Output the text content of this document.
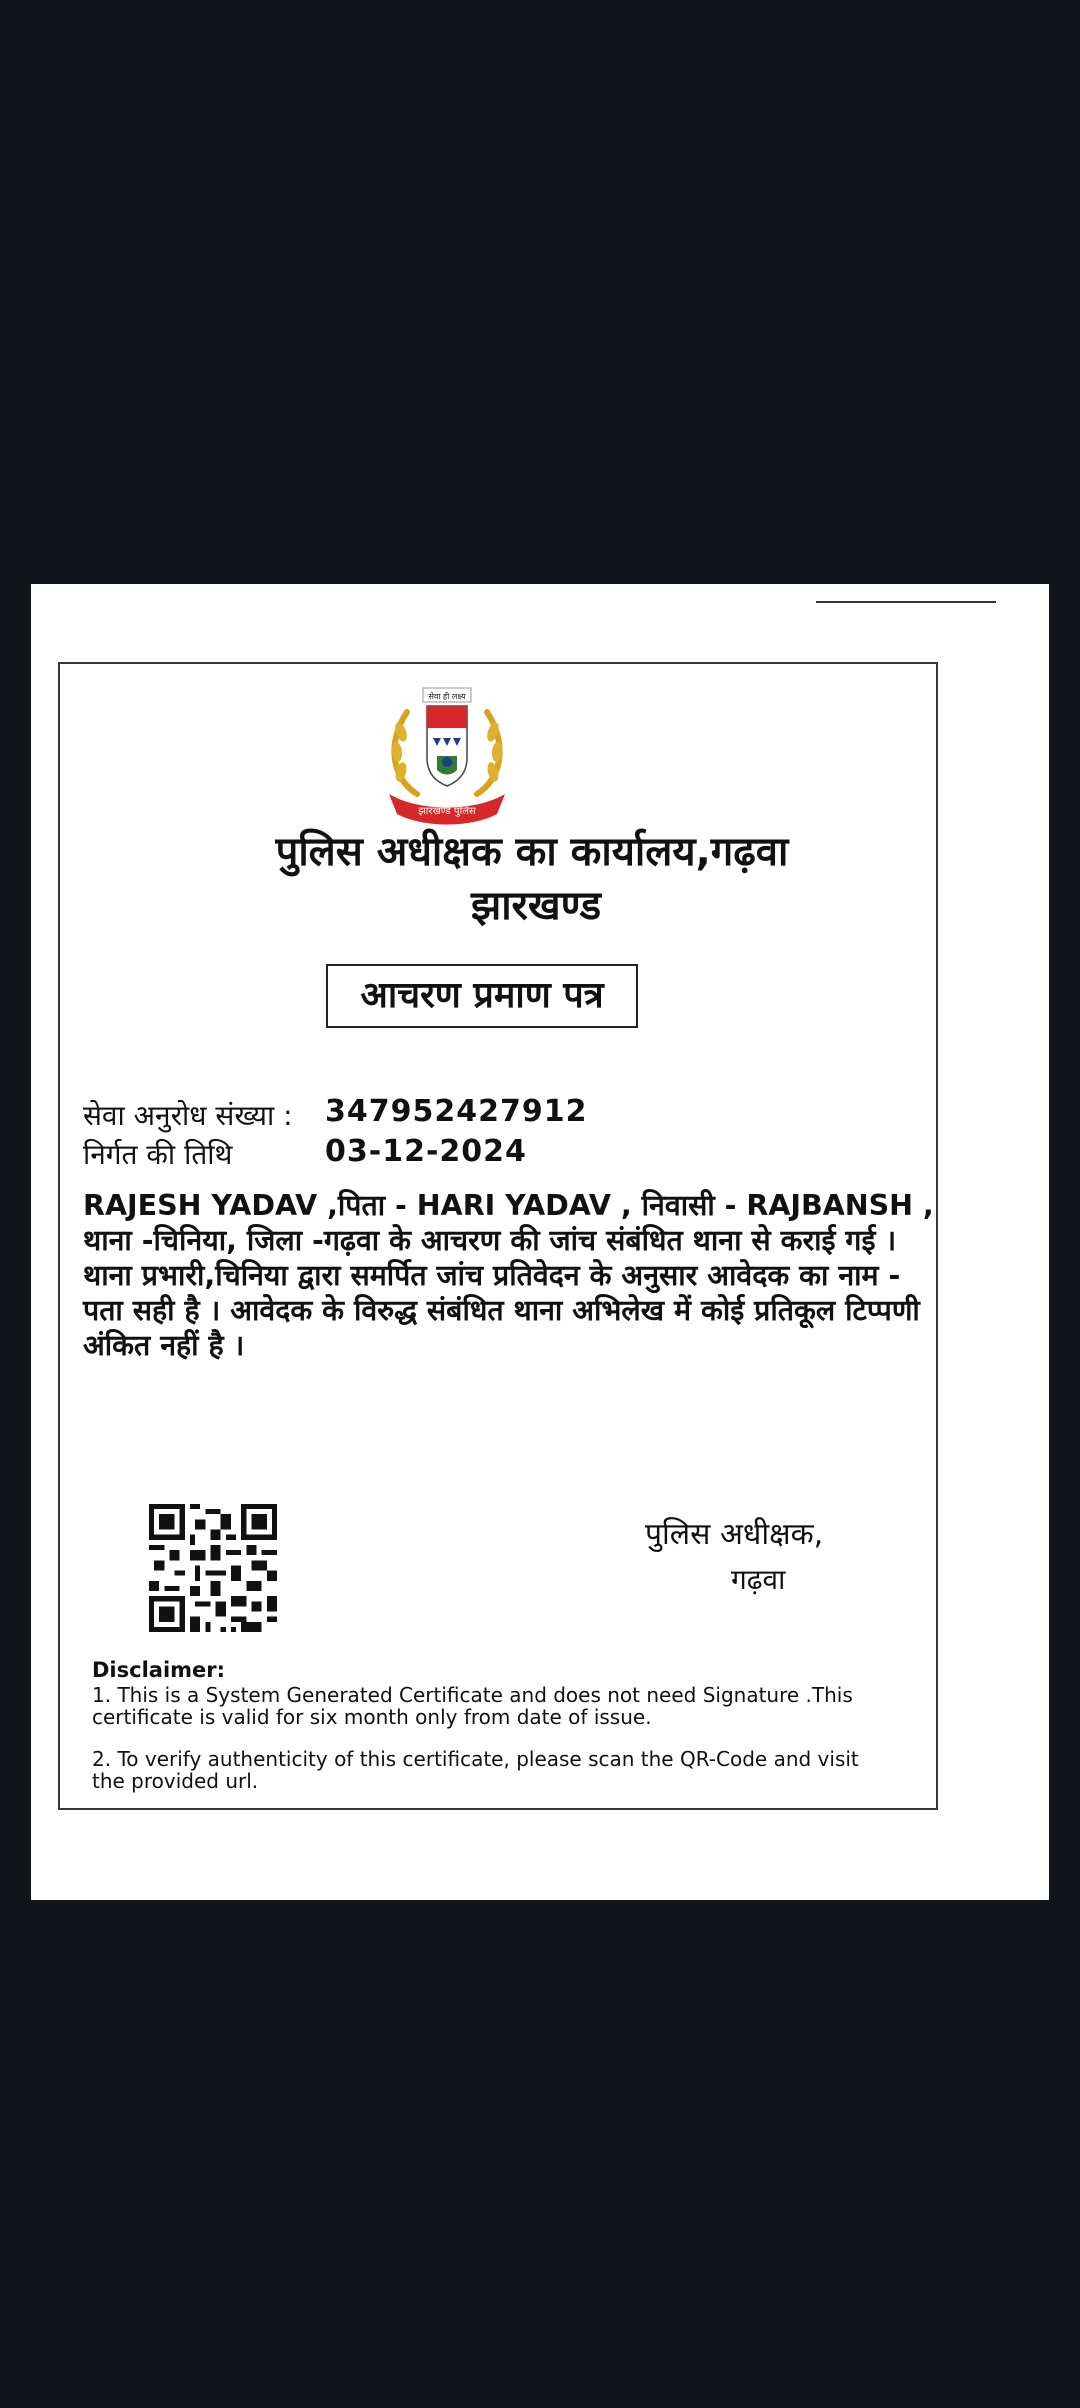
सेवा ही लक्ष्य
झारखण्ड पुलिस
पुलिस अधीक्षक का कार्यालय,गढ़वा
झारखण्ड
आचरण प्रमाण पत्र
सेवा अनुरोध संख्या : 347952427912
निर्गत की तिथि	03-12-2024
RAJESH YADAV ,पिता - HARI YADAV , निवासी - RAJBANSH , थाना -चिनिया, जिला -गढ़वा के आचरण की जांच संबंधित थाना से कराई गई । थाना प्रभारी,चिनिया द्वारा समर्पित जांच प्रतिवेदन के अनुसार आवेदक का नाम - पता सही है । आवेदक के विरुद्ध संबंधित थाना अभिलेख में कोई प्रतिकूल टिप्पणी अंकित नहीं है ।
पुलिस अधीक्षक,
गढ़वा
Disclaimer:
1. This is a System Generated Certificate and does not need Signature .This certificate is valid for six month only from date of issue.
2. To verify authenticity of this certificate, please scan the QR-Code and visit the provided url.
